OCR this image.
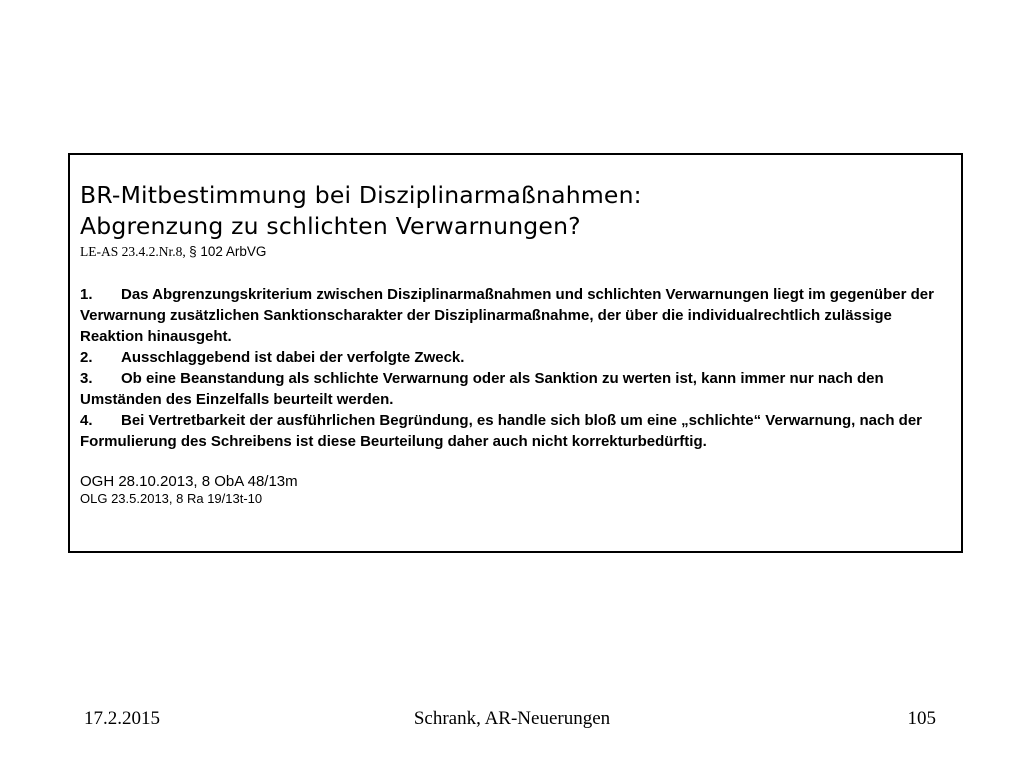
BR-Mitbestimmung bei Disziplinarmaßnahmen:
Abgrenzung zu schlichten Verwarnungen?
LE-AS 23.4.2.Nr.8, § 102 ArbVG

1. Das Abgrenzungskriterium zwischen Disziplinarmaßnahmen und schlichten Verwarnungen liegt im gegenüber der Verwarnung zusätzlichen Sanktionscharakter der Disziplinarmaßnahme, der über die individualrechtlich zulässige Reaktion hinausgeht.

2. Ausschlaggebend ist dabei der verfolgte Zweck.

3. Ob eine Beanstandung als schlichte Verwarnung oder als Sanktion zu werten ist, kann immer nur nach den Umständen des Einzelfalls beurteilt werden.

4. Bei Vertretbarkeit der ausführlichen Begründung, es handle sich bloß um eine „schlichte“ Verwarnung, nach der Formulierung des Schreibens ist diese Beurteilung daher auch nicht korrekturbedürftig.

OGH 28.10.2013, 8 ObA 48/13m
OLG 23.5.2013, 8 Ra 19/13t-10
17.2.2015	Schrank, AR-Neuerungen	105
